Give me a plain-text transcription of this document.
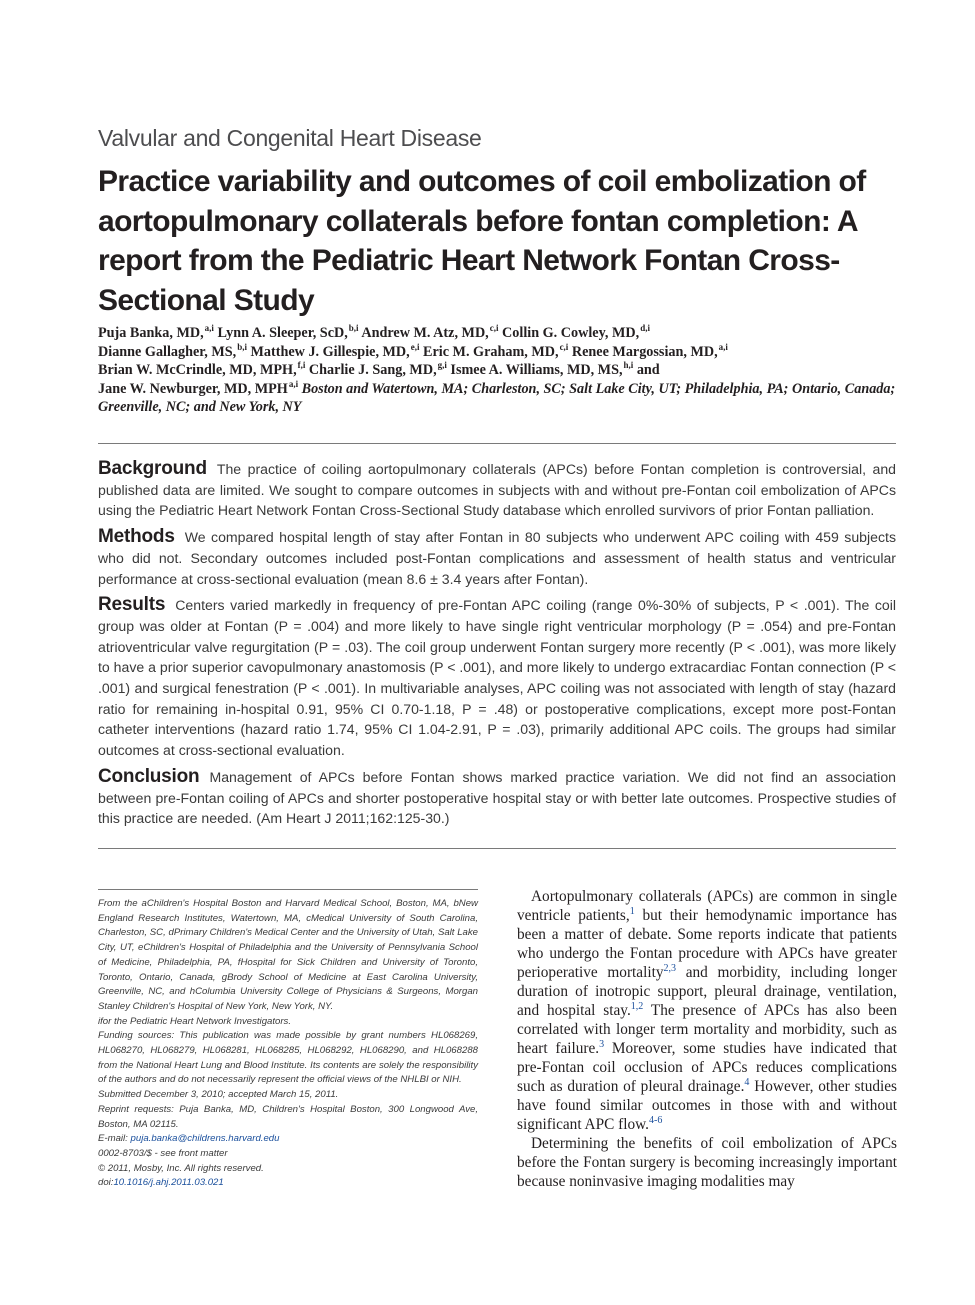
Valvular and Congenital Heart Disease
Practice variability and outcomes of coil embolization of aortopulmonary collaterals before fontan completion: A report from the Pediatric Heart Network Fontan Cross-Sectional Study
Puja Banka, MD,$^{a,i}$ Lynn A. Sleeper, ScD,$^{b,i}$ Andrew M. Atz, MD,$^{c,i}$ Collin G. Cowley, MD,$^{d,i}$
Dianne Gallagher, MS,$^{b,i}$ Matthew J. Gillespie, MD,$^{e,i}$ Eric M. Graham, MD,$^{c,i}$ Renee Margossian, MD,$^{a,i}$
Brian W. McCrindle, MD, MPH,$^{f,i}$ Charlie J. Sang, MD,$^{g,i}$ Ismee A. Williams, MD, MS,$^{h,i}$ and
Jane W. Newburger, MD, MPH$^{a,i}$ Boston and Watertown, MA; Charleston, SC; Salt Lake City, UT; Philadelphia, PA; Ontario, Canada; Greenville, NC; and New York, NY

Background The practice of coiling aortopulmonary collaterals (APCs) before Fontan completion is controversial, and published data are limited. We sought to compare outcomes in subjects with and without pre-Fontan coil embolization of APCs using the Pediatric Heart Network Fontan Cross-Sectional Study database which enrolled survivors of prior Fontan palliation.

Methods We compared hospital length of stay after Fontan in 80 subjects who underwent APC coiling with 459 subjects who did not. Secondary outcomes included post-Fontan complications and assessment of health status and ventricular performance at cross-sectional evaluation (mean 8.6 ± 3.4 years after Fontan).

Results Centers varied markedly in frequency of pre-Fontan APC coiling (range 0%-30% of subjects, P < .001). The coil group was older at Fontan (P = .004) and more likely to have single right ventricular morphology (P = .054) and pre-Fontan atrioventricular valve regurgitation (P = .03). The coil group underwent Fontan surgery more recently (P < .001), was more likely to have a prior superior cavopulmonary anastomosis (P < .001), and more likely to undergo extracardiac Fontan connection (P < .001) and surgical fenestration (P < .001). In multivariable analyses, APC coiling was not associated with length of stay (hazard ratio for remaining in-hospital 0.91, 95% CI 0.70-1.18, P = .48) or postoperative complications, except more post-Fontan catheter interventions (hazard ratio 1.74, 95% CI 1.04-2.91, P = .03), primarily additional APC coils. The groups had similar outcomes at cross-sectional evaluation.

Conclusion Management of APCs before Fontan shows marked practice variation. We did not find an association between pre-Fontan coiling of APCs and shorter postoperative hospital stay or with better late outcomes. Prospective studies of this practice are needed. (Am Heart J 2011;162:125-30.)

From the aChildren's Hospital Boston and Harvard Medical School, Boston, MA, bNew England Research Institutes, Watertown, MA, cMedical University of South Carolina, Charleston, SC, dPrimary Children's Medical Center and the University of Utah, Salt Lake City, UT, eChildren's Hospital of Philadelphia and the University of Pennsylvania School of Medicine, Philadelphia, PA, fHospital for Sick Children and University of Toronto, Toronto, Ontario, Canada, gBrody School of Medicine at East Carolina University, Greenville, NC, and hColumbia University College of Physicians & Surgeons, Morgan Stanley Children's Hospital of New York, New York, NY.

ifor the Pediatric Heart Network Investigators.

Funding sources: This publication was made possible by grant numbers HL068269, HL068270, HL068279, HL068281, HL068285, HL068292, HL068290, and HL068288 from the National Heart Lung and Blood Institute. Its contents are solely the responsibility of the authors and do not necessarily represent the official views of the NHLBI or NIH.

Submitted December 3, 2010; accepted March 15, 2011.

Reprint requests: Puja Banka, MD, Children's Hospital Boston, 300 Longwood Ave, Boston, MA 02115.

E-mail: puja.banka@childrens.harvard.edu

0002-8703/$ - see front matter

© 2011, Mosby, Inc. All rights reserved.

doi:10.1016/j.ahj.2011.03.021

Aortopulmonary collaterals (APCs) are common in single ventricle patients,$^1$ but their hemodynamic importance has been a matter of debate. Some reports indicate that patients who undergo the Fontan procedure with APCs have greater perioperative mortality$^{2,3}$ and morbidity, including longer duration of inotropic support, pleural drainage, ventilation, and hospital stay.$^{1,2}$ The presence of APCs has also been correlated with longer term mortality and morbidity, such as heart failure.$^3$ Moreover, some studies have indicated that pre-Fontan coil occlusion of APCs reduces complications such as duration of pleural drainage.$^4$ However, other studies have found similar outcomes in those with and without significant APC flow.$^{4-6}$

Determining the benefits of coil embolization of APCs before the Fontan surgery is becoming increasingly important because noninvasive imaging modalities may
